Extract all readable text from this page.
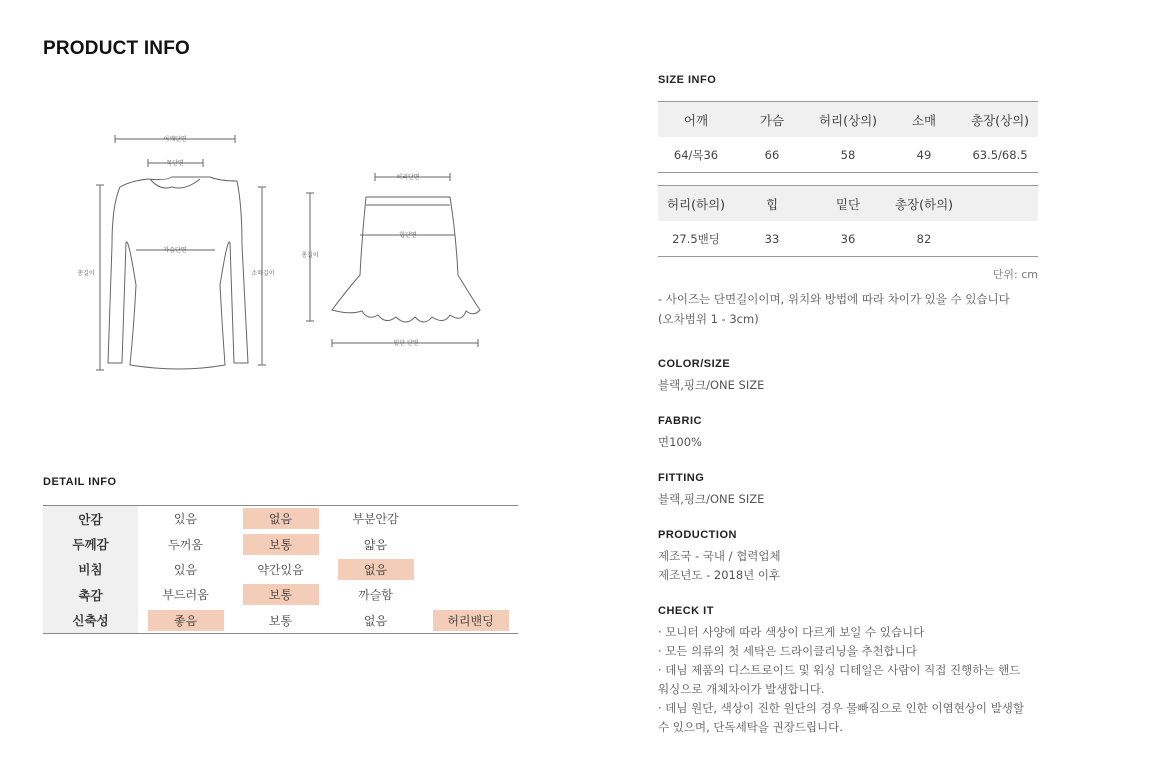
PRODUCT INFO
어깨단면
목단면
가슴단면
총길이	소매길이
허리단면
힙단면
총길이
밑단 단면
DETAIL INFO
안감	있음	없음	부분안감
두께감	두꺼움	보통	얇음
비침	있음	약간있음	없음
촉감	부드러움	보통	까슬함
신축성	좋음	보통	없음	허리밴딩
SIZE INFO
어깨	가슴	허리(상의)	소매	총장(상의)
64/목36	66	58	49	63.5/68.5
허리(하의)	힙	밑단	총장(하의)
27.5밴딩	33	36	82
단위: cm
- 사이즈는 단면길이이며, 위치와 방법에 따라 차이가 있을 수 있습니다
(오차범위 1 - 3cm)
COLOR/SIZE
블랙,핑크/ONE SIZE
FABRIC
면100%
FITTING
블랙,핑크/ONE SIZE
PRODUCTION
제조국 - 국내 / 협력업체
제조년도 - 2018년 이후
CHECK IT
· 모니터 사양에 따라 색상이 다르게 보일 수 있습니다
· 모든 의류의 첫 세탁은 드라이클리닝을 추천합니다
· 데님 제품의 디스트로이드 및 워싱 디테일은 사람이 직접 진행하는 핸드
워싱으로 개체차이가 발생합니다.
· 데님 원단, 색상이 진한 원단의 경우 물빠짐으로 인한 이염현상이 발생할
수 있으며, 단독세탁을 권장드립니다.
